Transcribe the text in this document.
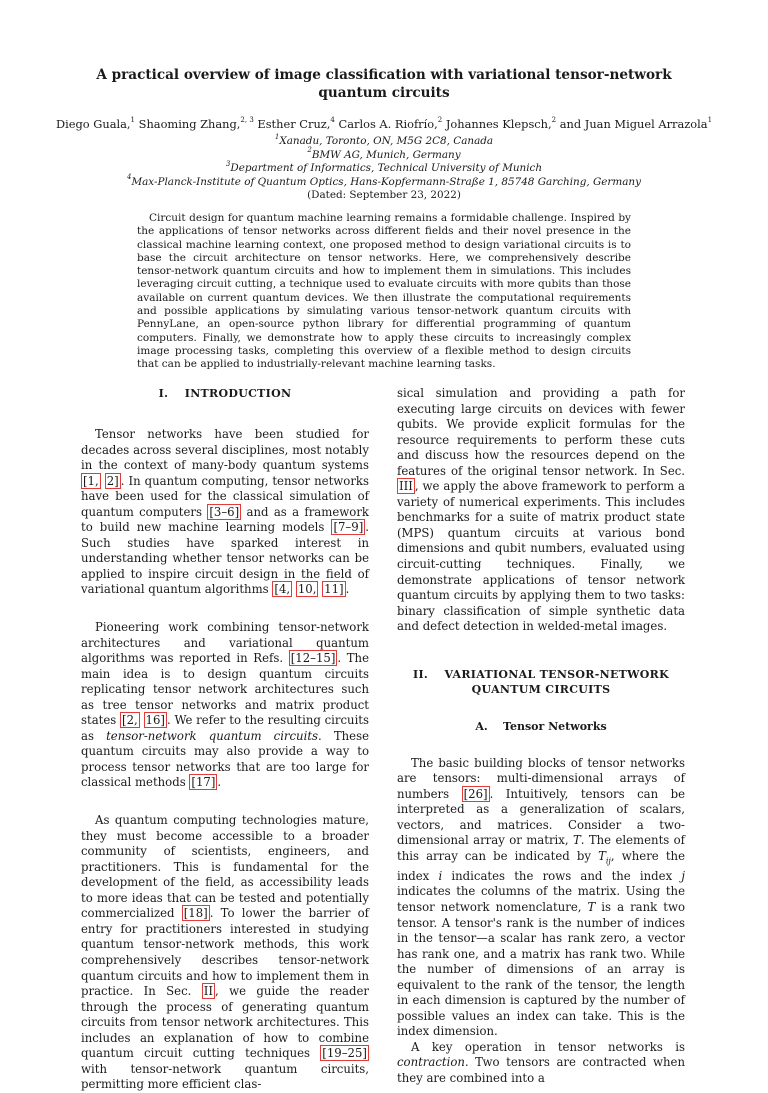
A practical overview of image classification with variational tensor-network quantum circuits
Diego Guala,$^1$ Shaoming Zhang,$^{2, 3}$ Esther Cruz,$^4$ Carlos A. Riofrío,$^2$ Johannes Klepsch,$^2$ and Juan Miguel Arrazola$^1$
$^1$Xanadu, Toronto, ON, M5G 2C8, Canada
$^2$BMW AG, Munich, Germany
$^3$Department of Informatics, Technical University of Munich
$^4$Max-Planck-Institute of Quantum Optics, Hans-Kopfermann-Straße 1, 85748 Garching, Germany
(Dated: September 23, 2022)
Circuit design for quantum machine learning remains a formidable challenge. Inspired by the applications of tensor networks across different fields and their novel presence in the classical machine learning context, one proposed method to design variational circuits is to base the circuit architecture on tensor networks. Here, we comprehensively describe tensor-network quantum circuits and how to implement them in simulations. This includes leveraging circuit cutting, a technique used to evaluate circuits with more qubits than those available on current quantum devices. We then illustrate the computational requirements and possible applications by simulating various tensor-network quantum circuits with PennyLane, an open-source python library for differential programming of quantum computers. Finally, we demonstrate how to apply these circuits to increasingly complex image processing tasks, completing this overview of a flexible method to design circuits that can be applied to industrially-relevant machine learning tasks.
I.    INTRODUCTION

Tensor networks have been studied for decades across several disciplines, most notably in the context of many-body quantum systems [1, 2] . In quantum computing, tensor networks have been used for the classical simulation of quantum computers [3–6] and as a framework to build new machine learning models [7–9] . Such studies have sparked interest in understanding whether tensor networks can be applied to inspire circuit design in the field of variational quantum algorithms [4, 10, 11] .

Pioneering work combining tensor-network architectures and variational quantum algorithms was reported in Refs. [12–15] . The main idea is to design quantum circuits replicating tensor network architectures such as tree tensor networks and matrix product states [2, 16] . We refer to the resulting circuits as tensor-network quantum circuits. These quantum circuits may also provide a way to process tensor networks that are too large for classical methods [17] .

As quantum computing technologies mature, they must become accessible to a broader community of scientists, engineers, and practitioners. This is fundamental for the development of the field, as accessibility leads to more ideas that can be tested and potentially commercialized [18] . To lower the barrier of entry for practitioners interested in studying quantum tensor-network methods, this work comprehensively describes tensor-network quantum circuits and how to implement them in practice. In Sec. II , we guide the reader through the process of generating quantum circuits from tensor network architectures. This includes an explanation of how to combine quantum circuit cutting techniques [19–25] with tensor-network quantum circuits, permitting more efficient clas-

sical simulation and providing a path for executing large circuits on devices with fewer qubits. We provide explicit formulas for the resource requirements to perform these cuts and discuss how the resources depend on the features of the original tensor network. In Sec. III , we apply the above framework to perform a variety of numerical experiments. This includes benchmarks for a suite of matrix product state (MPS) quantum circuits at various bond dimensions and qubit numbers, evaluated using circuit-cutting techniques. Finally, we demonstrate applications of tensor network quantum circuits by applying them to two tasks: binary classification of simple synthetic data and defect detection in welded-metal images.

II.    VARIATIONAL TENSOR-NETWORK
QUANTUM CIRCUITS
A.    Tensor Networks

The basic building blocks of tensor networks are tensors: multi-dimensional arrays of numbers [26] . Intuitively, tensors can be interpreted as a generalization of scalars, vectors, and matrices. Consider a two-dimensional array or matrix, T. The elements of this array can be indicated by $T_{ij}$, where the index i indicates the rows and the index j indicates the columns of the matrix. Using the tensor network nomenclature, T is a rank two tensor. A tensor's rank is the number of indices in the tensor—a scalar has rank zero, a vector has rank one, and a matrix has rank two. While the number of dimensions of an array is equivalent to the rank of the tensor, the length in each dimension is captured by the number of possible values an index can take. This is the index dimension.

A key operation in tensor networks is contraction. Two tensors are contracted when they are combined into a
